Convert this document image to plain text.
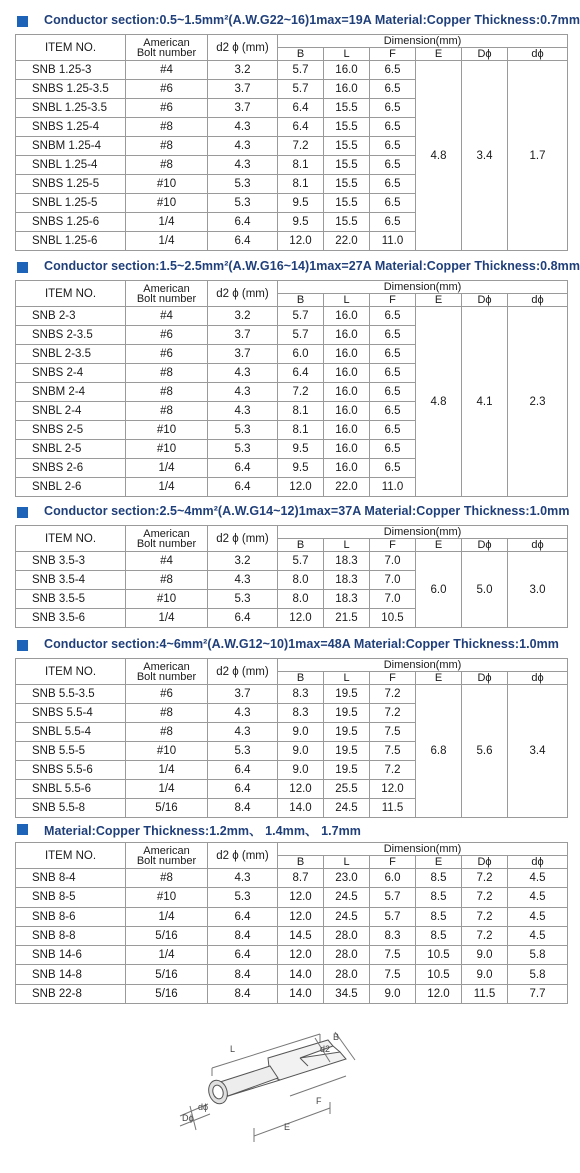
Conductor section:0.5~1.5mm²(A.W.G22~16)1max=19A Material:Copper Thickness:0.7mm
ITEM NO.	American
Bolt number	d2 ϕ (mm)	Dimension(mm)					
			B	L	F	E	Dϕ	dϕ
SNB 1.25-3	#4	3.2	5.7	16.0	6.5	4.8	3.4	1.7
SNBS 1.25-3.5	#6	3.7	5.7	16.0	6.5			
SNBL 1.25-3.5	#6	3.7	6.4	15.5	6.5			
SNBS 1.25-4	#8	4.3	6.4	15.5	6.5			
SNBM 1.25-4	#8	4.3	7.2	15.5	6.5			
SNBL 1.25-4	#8	4.3	8.1	15.5	6.5			
SNBS 1.25-5	#10	5.3	8.1	15.5	6.5			
SNBL 1.25-5	#10	5.3	9.5	15.5	6.5			
SNBS 1.25-6	1/4	6.4	9.5	15.5	6.5			
SNBL 1.25-6	1/4	6.4	12.0	22.0	11.0			
Conductor section:1.5~2.5mm²(A.W.G16~14)1max=27A Material:Copper Thickness:0.8mm
ITEM NO.	American
Bolt number	d2 ϕ (mm)	Dimension(mm)					
			B	L	F	E	Dϕ	dϕ
SNB 2-3	#4	3.2	5.7	16.0	6.5	4.8	4.1	2.3
SNBS 2-3.5	#6	3.7	5.7	16.0	6.5			
SNBL 2-3.5	#6	3.7	6.0	16.0	6.5			
SNBS 2-4	#8	4.3	6.4	16.0	6.5			
SNBM 2-4	#8	4.3	7.2	16.0	6.5			
SNBL 2-4	#8	4.3	8.1	16.0	6.5			
SNBS 2-5	#10	5.3	8.1	16.0	6.5			
SNBL 2-5	#10	5.3	9.5	16.0	6.5			
SNBS 2-6	1/4	6.4	9.5	16.0	6.5			
SNBL 2-6	1/4	6.4	12.0	22.0	11.0			
Conductor section:2.5~4mm²(A.W.G14~12)1max=37A Material:Copper Thickness:1.0mm
ITEM NO.	American
Bolt number	d2 ϕ (mm)	Dimension(mm)					
			B	L	F	E	Dϕ	dϕ
SNB 3.5-3	#4	3.2	5.7	18.3	7.0	6.0	5.0	3.0
SNB 3.5-4	#8	4.3	8.0	18.3	7.0			
SNB 3.5-5	#10	5.3	8.0	18.3	7.0			
SNB 3.5-6	1/4	6.4	12.0	21.5	10.5			
Conductor section:4~6mm²(A.W.G12~10)1max=48A Material:Copper Thickness:1.0mm
ITEM NO.	American
Bolt number	d2 ϕ (mm)	Dimension(mm)					
			B	L	F	E	Dϕ	dϕ
SNB 5.5-3.5	#6	3.7	8.3	19.5	7.2	6.8	5.6	3.4
SNBS 5.5-4	#8	4.3	8.3	19.5	7.2			
SNBL 5.5-4	#8	4.3	9.0	19.5	7.5			
SNB 5.5-5	#10	5.3	9.0	19.5	7.5			
SNBS 5.5-6	1/4	6.4	9.0	19.5	7.2			
SNBL 5.5-6	1/4	6.4	12.0	25.5	12.0			
SNB 5.5-8	5/16	8.4	14.0	24.5	11.5			
Material:Copper Thickness:1.2mm、 1.4mm、 1.7mm
ITEM NO.	American
Bolt number	d2 ϕ (mm)	Dimension(mm)					
			B	L	F	E	Dϕ	dϕ
SNB 8-4	#8	4.3	8.7	23.0	6.0	8.5	7.2	4.5
SNB 8-5	#10	5.3	12.0	24.5	5.7	8.5	7.2	4.5
SNB 8-6	1/4	6.4	12.0	24.5	5.7	8.5	7.2	4.5
SNB 8-8	5/16	8.4	14.5	28.0	8.3	8.5	7.2	4.5
SNB 14-6	1/4	6.4	12.0	28.0	7.5	10.5	9.0	5.8
SNB 14-8	5/16	8.4	14.0	28.0	7.5	10.5	9.0	5.8
SNB 22-8	5/16	8.4	14.0	34.5	9.0	12.0	11.5	7.7
L
B
d2
F
E
dϕ
Dϕ
